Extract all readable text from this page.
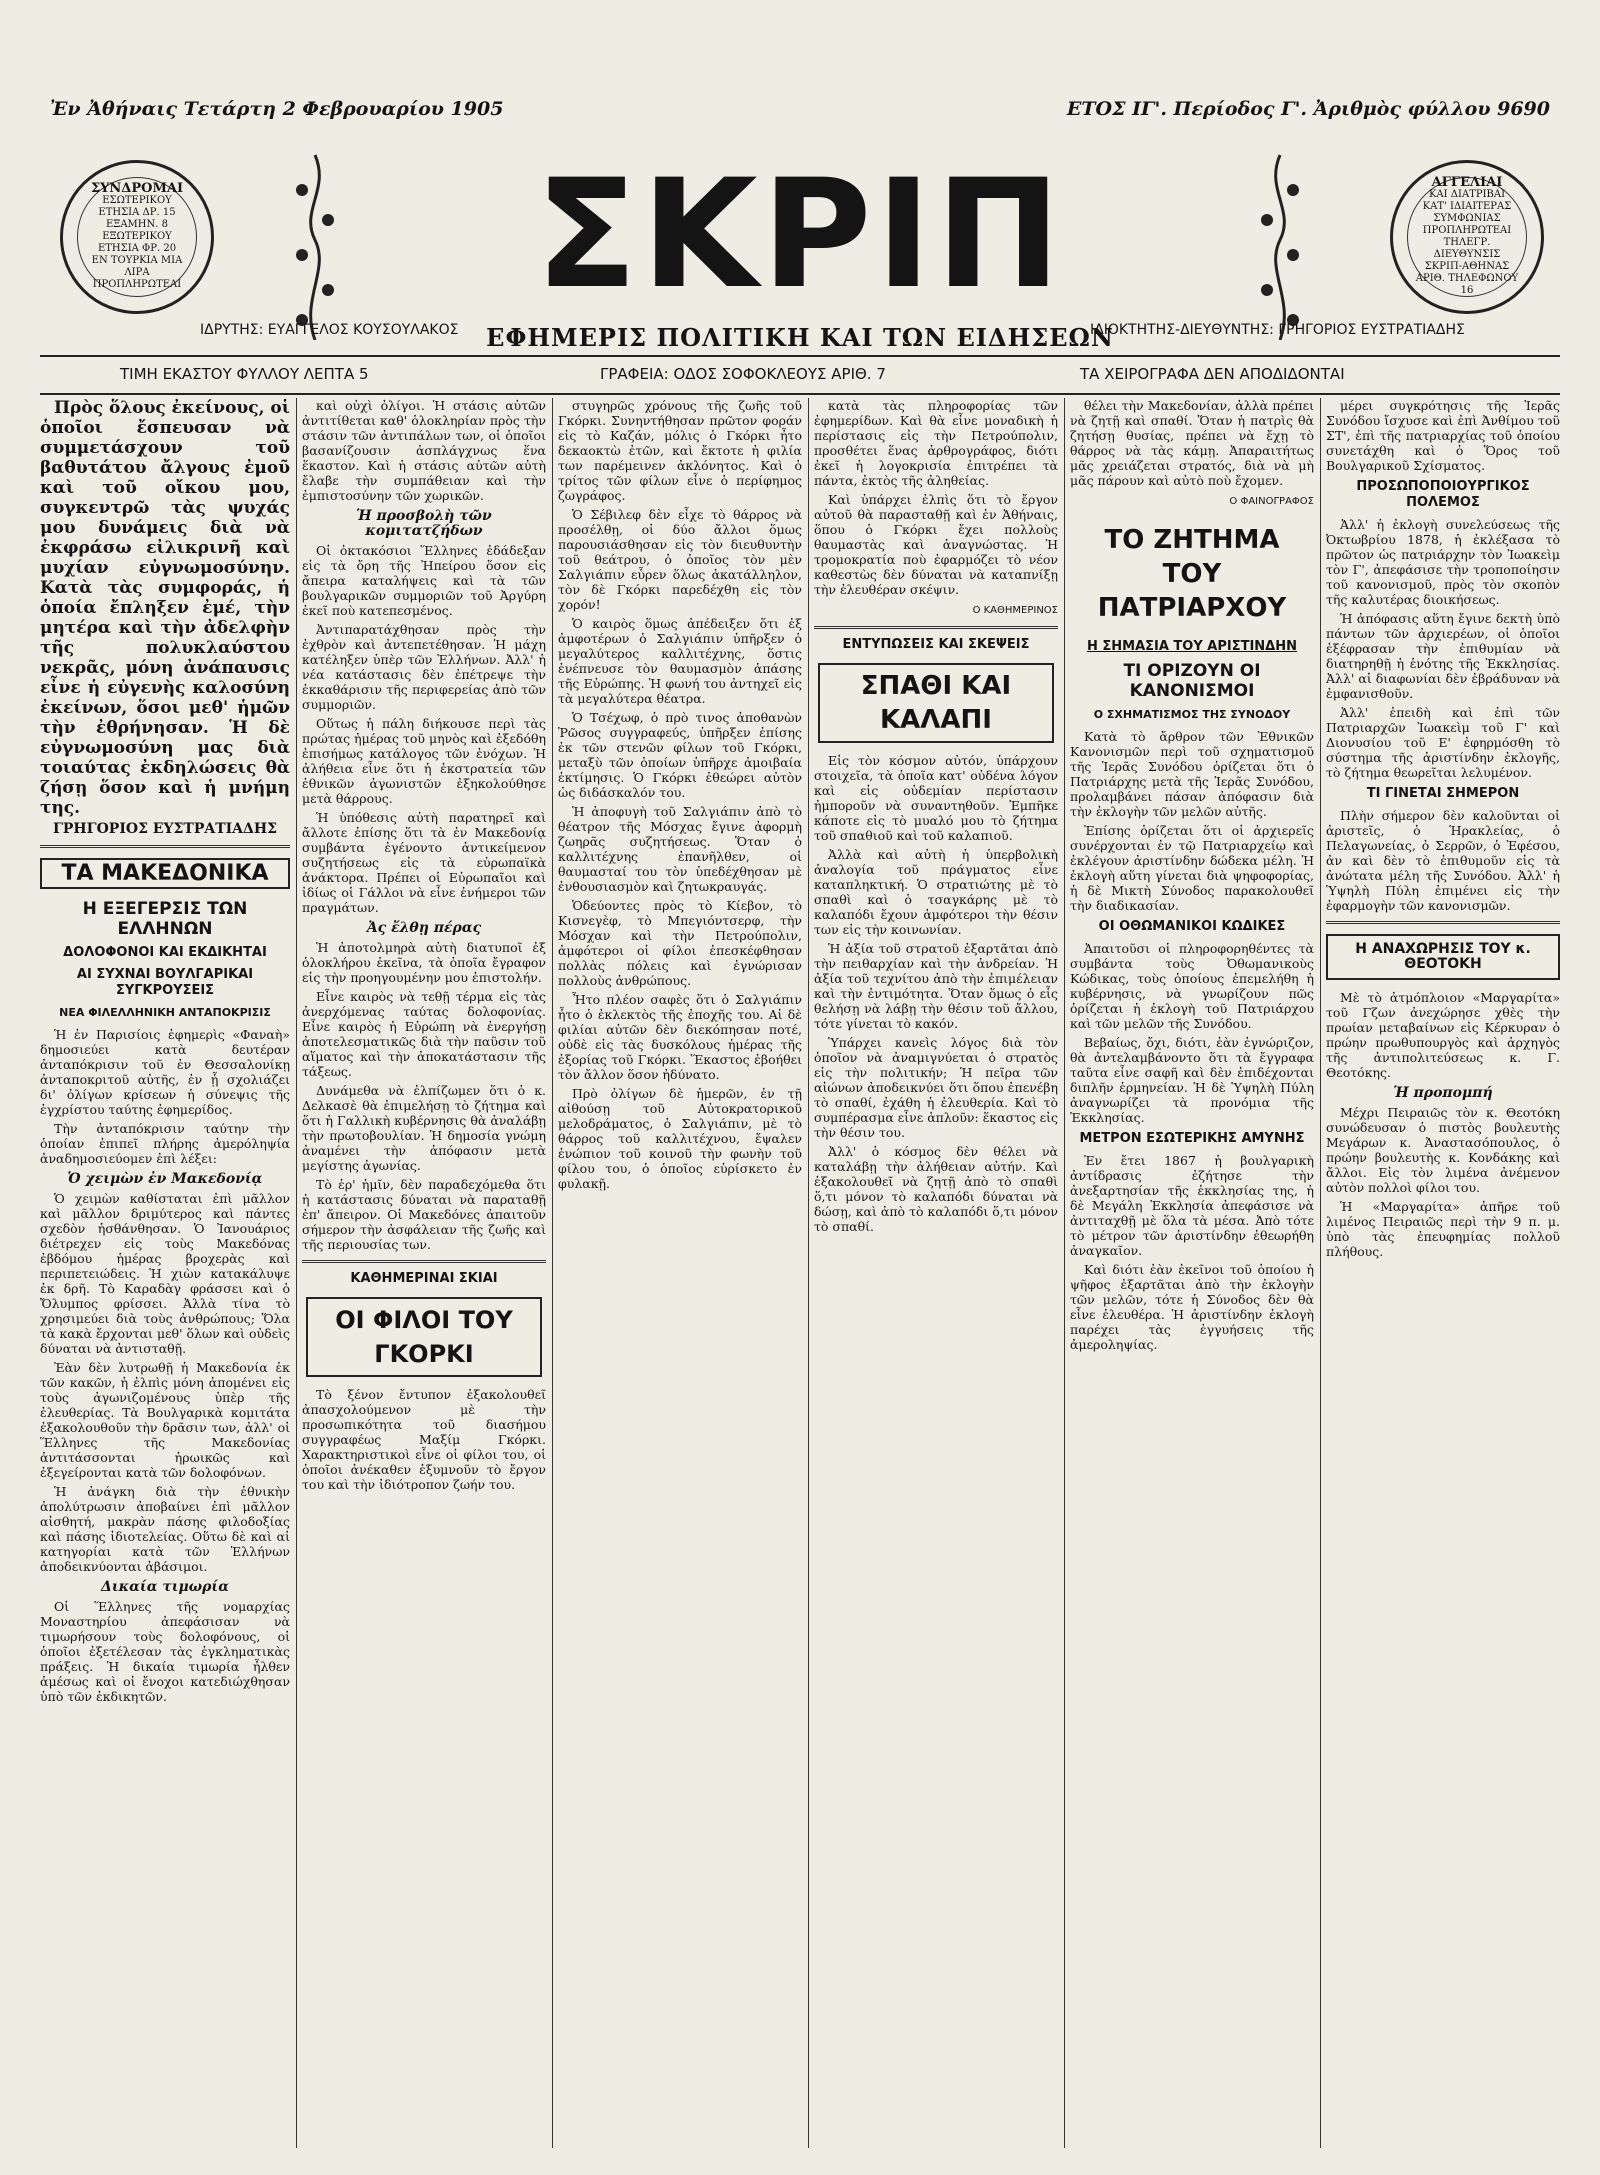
Ἐν Ἀθήναις Τετάρτη 2 Φεβρουαρίου 1905	ΕΤΟΣ ΙΓ'. Περίοδος Γ'. Ἀριθμὸς φύλλου 9690
ΣΥΝΔΡΟΜΑΙ
ΕΣΩΤΕΡΙΚΟΥ
ΕΤΗΣΙΑ ΔΡ. 15
ΕΞΑΜΗΝ. 8
ΕΞΩΤΕΡΙΚΟΥ
ΕΤΗΣΙΑ ΦΡ. 20
ΕΝ ΤΟΥΡΚΙΑ ΜΙΑ ΛΙΡΑ
ΠΡΟΠΛΗΡΩΤΕΑΙ
ΑΓΓΕΛΙΑΙ
ΚΑΙ ΔΙΑΤΡΙΒΑΙ
ΚΑΤ' ΙΔΙΑΙΤΕΡΑΣ
ΣΥΜΦΩΝΙΑΣ
ΠΡΟΠΛΗΡΩΤΕΑΙ
ΤΗΛΕΓΡ. ΔΙΕΥΘΥΝΣΙΣ
ΣΚΡΙΠ-ΑΘΗΝΑΣ
ΑΡΙΘ. ΤΗΛΕΦΩΝΟΥ 16
ΣΚΡΙΠ
ΕΦΗΜΕΡΙΣ ΠΟΛΙΤΙΚΗ ΚΑΙ ΤΩΝ ΕΙΔΗΣΕΩΝ
ΙΔΡΥΤΗΣ: ΕΥΑΓΓΕΛΟΣ ΚΟΥΣΟΥΛΑΚΟΣ	ΙΔΙΟΚΤΗΤΗΣ-ΔΙΕΥΘΥΝΤΗΣ: ΓΡΗΓΟΡΙΟΣ ΕΥΣΤΡΑΤΙΑΔΗΣ
ΤΙΜΗ ΕΚΑΣΤΟΥ ΦΥΛΛΟΥ ΛΕΠΤΑ 5	ΓΡΑΦΕΙΑ: ΟΔΟΣ ΣΟΦΟΚΛΕΟΥΣ ΑΡΙΘ. 7	ΤΑ ΧΕΙΡΟΓΡΑΦΑ ΔΕΝ ΑΠΟΔΙΔΟΝΤΑΙ

Πρὸς ὅλους ἐκείνους, οἱ ὁποῖοι ἔσπευσαν νὰ συμμετάσχουν τοῦ βαθυτάτου ἄλγους ἐμοῦ καὶ τοῦ οἴκου μου, συγκεντρῶ τὰς ψυχάς μου δυνάμεις διὰ νὰ ἐκφράσω εἰλικρινῆ καὶ μυχίαν εὐγνωμοσύνην. Κατὰ τὰς συμφοράς, ἡ ὁποία ἔπληξεν ἐμέ, τὴν μητέρα καὶ τὴν ἀδελφὴν τῆς πολυκλαύστου νεκρᾶς, μόνη ἀνάπαυσις εἶνε ἡ εὐγενὴς καλοσύνη ἐκείνων, ὅσοι μεθ' ἡμῶν τὴν ἐθρήνησαν. Ἡ δὲ εὐγνωμοσύνη μας διὰ τοιαύτας ἐκδηλώσεις θὰ ζήσῃ ὅσον καὶ ἡ μνήμη της.

ΓΡΗΓΟΡΙΟΣ ΕΥΣΤΡΑΤΙΑΔΗΣ
ΤΑ ΜΑΚΕΔΟΝΙΚΑ
Η ΕΞΕΓΕΡΣΙΣ ΤΩΝ ΕΛΛΗΝΩΝ
ΔΟΛΟΦΟΝΟΙ ΚΑΙ ΕΚΔΙΚΗΤΑΙ
ΑΙ ΣΥΧΝΑΙ ΒΟΥΛΓΑΡΙΚΑΙ ΣΥΓΚΡΟΥΣΕΙΣ
ΝΕΑ ΦΙΛΕΛΛΗΝΙΚΗ ΑΝΤΑΠΟΚΡΙΣΙΣ

Ἡ ἐν Παρισίοις ἐφημερὶς «Φαναὴ» δημοσιεύει κατὰ δευτέραν ἀνταπόκρισιν τοῦ ἐν Θεσσαλονίκῃ ἀνταποκριτοῦ αὐτῆς, ἐν ᾗ σχολιάζει δι' ὀλίγων κρίσεων ἡ σύνεψις τῆς ἐγχρίστου ταύτης ἐφημερίδος.

Τὴν ἀνταπόκρισιν ταύτην τὴν ὁποίαν ἐπιπεῖ πλήρης ἀμερόληψία ἀναδημοσιεύομεν ἐπὶ λέξει:

Ὁ χειμὼν ἐν Μακεδονίᾳ

Ὁ χειμὼν καθίσταται ἐπὶ μᾶλλον καὶ μᾶλλον δριμύτερος καὶ πάντες σχεδὸν ἠσθάνθησαν. Ὁ Ἰανουάριος διέτρεχεν εἰς τοὺς Μακεδόνας ἐβδόμου ἡμέρας βροχερὰς καὶ περιπετειώδεις. Ἡ χιὼν κατακάλυψε ἐκ δρῆ. Τὸ Καραδὰγ φράσσει καὶ ὁ Ὄλυμπος φρίσσει. Ἀλλὰ τίνα τὸ χρησιμεύει διὰ τοὺς ἀνθρώπους; Ὅλα τὰ κακὰ ἔρχονται μεθ' ὅλων καὶ οὐδεὶς δύναται νὰ ἀντισταθῇ.

Ἐὰν δὲν λυτρωθῇ ἡ Μακεδονία ἐκ τῶν κακῶν, ἡ ἐλπὶς μόνη ἀπομένει εἰς τοὺς ἀγωνιζομένους ὑπὲρ τῆς ἐλευθερίας. Τὰ Βουλγαρικὰ κομιτάτα ἐξακολουθοῦν τὴν δρᾶσιν των, ἀλλ' οἱ Ἕλληνες τῆς Μακεδονίας ἀντιτάσσονται ἡρωικῶς καὶ ἐξεγείρονται κατὰ τῶν δολοφόνων.

Ἡ ἀνάγκη διὰ τὴν ἐθνικὴν ἀπολύτρωσιν ἀποβαίνει ἐπὶ μᾶλλον αἰσθητή, μακρὰν πάσης φιλοδοξίας καὶ πάσης ἰδιοτελείας. Οὕτω δὲ καὶ αἱ κατηγορίαι κατὰ τῶν Ἑλλήνων ἀποδεικνύονται ἀβάσιμοι.

Δικαία τιμωρία

Οἱ Ἕλληνες τῆς νομαρχίας Μοναστηρίου ἀπεφάσισαν νὰ τιμωρήσουν τοὺς δολοφόνους, οἱ ὁποῖοι ἐξετέλεσαν τὰς ἐγκληματικὰς πράξεις. Ἡ δικαία τιμωρία ἦλθεν ἀμέσως καὶ οἱ ἔνοχοι κατεδιώχθησαν ὑπὸ τῶν ἐκδικητῶν.

καὶ οὐχὶ ὀλίγοι. Ἡ στάσις αὐτῶν ἀντιτίθεται καθ' ὁλοκληρίαν πρὸς τὴν στάσιν τῶν ἀντιπάλων των, οἱ ὁποῖοι βασανίζουσιν ἀσπλάγχνως ἕνα ἕκαστον. Καὶ ἡ στάσις αὐτῶν αὐτὴ ἔλαβε τὴν συμπάθειαν καὶ τὴν ἐμπιστοσύνην τῶν χωρικῶν.

Ἡ προσβολὴ τῶν κομιτατζήδων

Οἱ ὀκτακόσιοι Ἕλληνες ἐδάδεξαν εἰς τὰ ὄρη τῆς Ἠπείρου ὅσον εἰς ἄπειρα καταλήψεις καὶ τὰ τῶν βουλγαρικῶν συμμοριῶν τοῦ Ἀργύρη ἐκεῖ ποὺ κατεπεσμένος.

Ἀντιπαρατάχθησαν πρὸς τὴν ἐχθρὸν καὶ ἀντεπετέθησαν. Ἡ μάχη κατέληξεν ὑπὲρ τῶν Ἑλλήνων. Ἀλλ' ἡ νέα κατάστασις δὲν ἐπέτρεψε τὴν ἐκκαθάρισιν τῆς περιφερείας ἀπὸ τῶν συμμοριῶν.

Οὕτως ἡ πάλη διήκουσε περὶ τὰς πρώτας ἡμέρας τοῦ μηνὸς καὶ ἐξεδόθη ἐπισήμως κατάλογος τῶν ἐνόχων. Ἡ ἀλήθεια εἶνε ὅτι ἡ ἐκστρατεία τῶν ἐθνικῶν ἀγωνιστῶν ἐξηκολούθησε μετὰ θάρρους.

Ἡ ὑπόθεσις αὐτὴ παρατηρεῖ καὶ ἄλλοτε ἐπίσης ὅτι τὰ ἐν Μακεδονίᾳ συμβάντα ἐγένοντο ἀντικείμενον συζητήσεως εἰς τὰ εὐρωπαϊκὰ ἀνάκτορα. Πρέπει οἱ Εὐρωπαῖοι καὶ ἰδίως οἱ Γάλλοι νὰ εἶνε ἐνήμεροι τῶν πραγμάτων.

Ἀς ἔλθῃ πέρας

Ἡ ἀποτολμηρὰ αὐτὴ διατυποῖ ἐξ ὁλοκλήρου ἐκεῖνα, τὰ ὁποῖα ἔγραφον εἰς τὴν προηγουμένην μου ἐπιστολήν.

Εἶνε καιρὸς νὰ τεθῇ τέρμα εἰς τὰς ἀνερχόμενας ταύτας δολοφονίας. Εἶνε καιρὸς ἡ Εὐρώπη νὰ ἐνεργήσῃ ἀποτελεσματικῶς διὰ τὴν παῦσιν τοῦ αἵματος καὶ τὴν ἀποκατάστασιν τῆς τάξεως.

Δυνάμεθα νὰ ἐλπίζωμεν ὅτι ὁ κ. Δελκασὲ θὰ ἐπιμελήσῃ τὸ ζήτημα καὶ ὅτι ἡ Γαλλικὴ κυβέρνησις θὰ ἀναλάβῃ τὴν πρωτοβουλίαν. Ἡ δημοσία γνώμη ἀναμένει τὴν ἀπόφασιν μετὰ μεγίστης ἀγωνίας.

Τὸ ἐρ' ἡμῖν, δὲν παραδεχόμεθα ὅτι ἡ κατάστασις δύναται νὰ παραταθῇ ἐπ' ἄπειρον. Οἱ Μακεδόνες ἀπαιτοῦν σήμερον τὴν ἀσφάλειαν τῆς ζωῆς καὶ τῆς περιουσίας των.

ΚΑΘΗΜΕΡΙΝΑΙ ΣΚΙΑΙ
ΟΙ ΦΙΛΟΙ ΤΟΥ ΓΚΟΡΚΙ

Τὸ ξένον ἔντυπον ἐξακολουθεῖ ἀπασχολούμενον μὲ τὴν προσωπικότητα τοῦ διασήμου συγγραφέως Μαξίμ Γκόρκι. Χαρακτηριστικοὶ εἶνε οἱ φίλοι του, οἱ ὁποῖοι ἀνέκαθεν ἐξυμνοῦν τὸ ἔργον του καὶ τὴν ἰδιότροπον ζωήν του.

στυγηρῶς χρόνους τῆς ζωῆς τοῦ Γκόρκι. Συνηντήθησαν πρῶτον φοράν εἰς τὸ Καζάν, μόλις ὁ Γκόρκι ἦτο δεκαοκτὼ ἐτῶν, καὶ ἔκτοτε ἡ φιλία των παρέμεινεν ἀκλόνητος. Καὶ ὁ τρίτος τῶν φίλων εἶνε ὁ περίφημος ζωγράφος.

Ὁ Σέβιλεφ δὲν εἶχε τὸ θάρρος νὰ προσέλθῃ, οἱ δύο ἄλλοι ὅμως παρουσιάσθησαν εἰς τὸν διευθυντὴν τοῦ θεάτρου, ὁ ὁποῖος τὸν μὲν Σαλγιάπιν εὗρεν ὅλως ἀκατάλληλον, τὸν δὲ Γκόρκι παρεδέχθη εἰς τὸν χορόν!

Ὁ καιρὸς ὅμως ἀπέδειξεν ὅτι ἐξ ἀμφοτέρων ὁ Σαλγιάπιν ὑπῆρξεν ὁ μεγαλύτερος καλλιτέχνης, ὅστις ἐνέπνευσε τὸν θαυμασμὸν ἁπάσης τῆς Εὐρώπης. Ἡ φωνή του ἀντηχεῖ εἰς τὰ μεγαλύτερα θέατρα.

Ὁ Τσέχωφ, ὁ πρὸ τινος ἀποθανὼν Ῥῶσος συγγραφεύς, ὑπῆρξεν ἐπίσης ἐκ τῶν στενῶν φίλων τοῦ Γκόρκι, μεταξὺ τῶν ὁποίων ὑπῆρχε ἀμοιβαία ἐκτίμησις. Ὁ Γκόρκι ἐθεώρει αὐτὸν ὡς διδάσκαλόν του.

Ἡ ἀποφυγὴ τοῦ Σαλγιάπιν ἀπὸ τὸ θέατρον τῆς Μόσχας ἔγινε ἀφορμὴ ζωηρᾶς συζητήσεως. Ὅταν ὁ καλλιτέχνης ἐπανῆλθεν, οἱ θαυμασταί του τὸν ὑπεδέχθησαν μὲ ἐνθουσιασμὸν καὶ ζητωκραυγάς.

Ὁδεύοντες πρὸς τὸ Κίεβον, τὸ Κισνεγὲφ, τὸ Μπεγιόντσερφ, τὴν Μόσχαν καὶ τὴν Πετρούπολιν, ἀμφότεροι οἱ φίλοι ἐπεσκέφθησαν πολλὰς πόλεις καὶ ἐγνώρισαν πολλοὺς ἀνθρώπους.

Ἦτο πλέον σαφὲς ὅτι ὁ Σαλγιάπιν ἦτο ὁ ἐκλεκτὸς τῆς ἐποχῆς του. Αἱ δὲ φιλίαι αὐτῶν δὲν διεκόπησαν ποτέ, οὐδὲ εἰς τὰς δυσκόλους ἡμέρας τῆς ἐξορίας τοῦ Γκόρκι. Ἕκαστος ἐβοήθει τὸν ἄλλον ὅσον ἠδύνατο.

Πρὸ ὀλίγων δὲ ἡμερῶν, ἐν τῇ αἰθούσῃ τοῦ Αὐτοκρατορικοῦ μελοδράματος, ὁ Σαλγιάπιν, μὲ τὸ θάρρος τοῦ καλλιτέχνου, ἔψαλεν ἐνώπιον τοῦ κοινοῦ τὴν φωνὴν τοῦ φίλου του, ὁ ὁποῖος εὑρίσκετο ἐν φυλακῇ.

κατὰ τὰς πληροφορίας τῶν ἐφημερίδων. Καὶ θὰ εἶνε μοναδικὴ ἡ περίστασις εἰς τὴν Πετρούπολιν, προσθέτει ἕνας ἀρθρογράφος, διότι ἐκεῖ ἡ λογοκρισία ἐπιτρέπει τὰ πάντα, ἐκτὸς τῆς ἀληθείας.

Καὶ ὑπάρχει ἐλπὶς ὅτι τὸ ἔργον αὐτοῦ θὰ παρασταθῇ καὶ ἐν Ἀθήναις, ὅπου ὁ Γκόρκι ἔχει πολλοὺς θαυμαστὰς καὶ ἀναγνώστας. Ἡ τρομοκρατία ποὺ ἐφαρμόζει τὸ νέον καθεστὼς δὲν δύναται νὰ καταπνίξῃ τὴν ἐλευθέραν σκέψιν.

Ο ΚΑΘΗΜΕΡΙΝΟΣ
ΕΝΤΥΠΩΣΕΙΣ ΚΑΙ ΣΚΕΨΕΙΣ
ΣΠΑΘΙ ΚΑΙ ΚΑΛΑΠΙ

Εἰς τὸν κόσμον αὐτόν, ὑπάρχουν στοιχεῖα, τὰ ὁποῖα κατ' οὐδένα λόγον καὶ εἰς οὐδεμίαν περίστασιν ἠμποροῦν νὰ συναντηθοῦν. Ἐμπῆκε κάποτε εἰς τὸ μυαλό μου τὸ ζήτημα τοῦ σπαθιοῦ καὶ τοῦ καλαπιοῦ.

Ἀλλὰ καὶ αὐτὴ ἡ ὑπερβολικὴ ἀναλογία τοῦ πράγματος εἶνε καταπληκτική. Ὁ στρατιώτης μὲ τὸ σπαθὶ καὶ ὁ τσαγκάρης μὲ τὸ καλαπόδι ἔχουν ἀμφότεροι τὴν θέσιν των εἰς τὴν κοινωνίαν.

Ἡ ἀξία τοῦ στρατοῦ ἐξαρτᾶται ἀπὸ τὴν πειθαρχίαν καὶ τὴν ἀνδρείαν. Ἡ ἀξία τοῦ τεχνίτου ἀπὸ τὴν ἐπιμέλειαν καὶ τὴν ἐντιμότητα. Ὅταν ὅμως ὁ εἷς θελήσῃ νὰ λάβῃ τὴν θέσιν τοῦ ἄλλου, τότε γίνεται τὸ κακόν.

Ὑπάρχει κανεὶς λόγος διὰ τὸν ὁποῖον νὰ ἀναμιγνύεται ὁ στρατὸς εἰς τὴν πολιτικήν; Ἡ πεῖρα τῶν αἰώνων ἀποδεικνύει ὅτι ὅπου ἐπενέβη τὸ σπαθί, ἐχάθη ἡ ἐλευθερία. Καὶ τὸ συμπέρασμα εἶνε ἁπλοῦν: ἕκαστος εἰς τὴν θέσιν του.

Ἀλλ' ὁ κόσμος δὲν θέλει νὰ καταλάβῃ τὴν ἀλήθειαν αὐτήν. Καὶ ἐξακολουθεῖ νὰ ζητῇ ἀπὸ τὸ σπαθὶ ὅ,τι μόνον τὸ καλαπόδι δύναται νὰ δώσῃ, καὶ ἀπὸ τὸ καλαπόδι ὅ,τι μόνον τὸ σπαθί.

θέλει τὴν Μακεδονίαν, ἀλλὰ πρέπει νὰ ζητῇ καὶ σπαθί. Ὅταν ἡ πατρὶς θὰ ζητήσῃ θυσίας, πρέπει νὰ ἔχῃ τὸ θάρρος νὰ τὰς κάμῃ. Ἀπαραιτήτως μᾶς χρειάζεται στρατός, διὰ νὰ μὴ μᾶς πάρουν καὶ αὐτὸ ποὺ ἔχομεν.

Ο ΦΑΙΝΟΓΡΑΦΟΣ
ΤΟ ΖΗΤΗΜΑ ΤΟΥ ΠΑΤΡΙΑΡΧΟΥ
Η ΣΗΜΑΣΙΑ ΤΟΥ ΑΡΙΣΤΙΝΔΗΝ
ΤΙ ΟΡΙΖΟΥΝ ΟΙ ΚΑΝΟΝΙΣΜΟΙ
Ο ΣΧΗΜΑΤΙΣΜΟΣ ΤΗΣ ΣΥΝΟΔΟΥ

Κατὰ τὸ ἄρθρον τῶν Ἐθνικῶν Κανονισμῶν περὶ τοῦ σχηματισμοῦ τῆς Ἱερᾶς Συνόδου ὁρίζεται ὅτι ὁ Πατριάρχης μετὰ τῆς Ἱερᾶς Συνόδου, προλαμβάνει πάσαν ἀπόφασιν διὰ τὴν ἐκλογὴν τῶν μελῶν αὐτῆς.

Ἐπίσης ὁρίζεται ὅτι οἱ ἀρχιερεῖς συνέρχονται ἐν τῷ Πατριαρχείῳ καὶ ἐκλέγουν ἀριστίνδην δώδεκα μέλη. Ἡ ἐκλογὴ αὕτη γίνεται διὰ ψηφοφορίας, ἡ δὲ Μικτὴ Σύνοδος παρακολουθεῖ τὴν διαδικασίαν.

ΟΙ ΟΘΩΜΑΝΙΚΟΙ ΚΩΔΙΚΕΣ

Ἀπαιτοῦσι οἱ πληροφορηθέντες τὰ συμβάντα τοὺς Ὀθωμανικοὺς Κώδικας, τοὺς ὁποίους ἐπεμελήθη ἡ κυβέρνησις, νὰ γνωρίζουν πῶς ὁρίζεται ἡ ἐκλογὴ τοῦ Πατριάρχου καὶ τῶν μελῶν τῆς Συνόδου.

Βεβαίως, ὄχι, διότι, ἐὰν ἐγνώριζον, θὰ ἀντελαμβάνοντο ὅτι τὰ ἔγγραφα ταῦτα εἶνε σαφῆ καὶ δὲν ἐπιδέχονται διπλῆν ἑρμηνείαν. Ἡ δὲ Ὑψηλὴ Πύλη ἀναγνωρίζει τὰ προνόμια τῆς Ἐκκλησίας.

ΜΕΤΡΟΝ ΕΣΩΤΕΡΙΚΗΣ ΑΜΥΝΗΣ

Ἐν ἔτει 1867 ἡ βουλγαρικὴ ἀντίδρασις ἐζήτησε τὴν ἀνεξαρτησίαν τῆς ἐκκλησίας της, ἡ δὲ Μεγάλη Ἐκκλησία ἀπεφάσισε νὰ ἀντιταχθῇ μὲ ὅλα τὰ μέσα. Ἀπὸ τότε τὸ μέτρον τῶν ἀριστίνδην ἐθεωρήθη ἀναγκαῖον.

Καὶ διότι ἐὰν ἐκεῖνοι τοῦ ὁποίου ἡ ψῆφος ἐξαρτᾶται ἀπὸ τὴν ἐκλογὴν τῶν μελῶν, τότε ἡ Σύνοδος δὲν θὰ εἶνε ἐλευθέρα. Ἡ ἀριστίνδην ἐκλογὴ παρέχει τὰς ἐγγυήσεις τῆς ἀμεροληψίας.

μέρει συγκρότησις τῆς Ἱερᾶς Συνόδου ἴσχυσε καὶ ἐπὶ Ἀνθίμου τοῦ ΣΤ', ἐπὶ τῆς πατριαρχίας τοῦ ὁποίου συνετάχθη καὶ ὁ Ὅρος τοῦ Βουλγαρικοῦ Σχίσματος.

ΠΡΟΣΩΠΟΠΟΙΟΥΡΓΙΚΟΣ ΠΟΛΕΜΟΣ

Ἀλλ' ἡ ἐκλογὴ συνελεύσεως τῆς Ὀκτωβρίου 1878, ἡ ἐκλέξασα τὸ πρῶτον ὡς πατριάρχην τὸν Ἰωακεὶμ τὸν Γ', ἀπεφάσισε τὴν τροποποίησιν τοῦ κανονισμοῦ, πρὸς τὸν σκοπὸν τῆς καλυτέρας διοικήσεως.

Ἡ ἀπόφασις αὕτη ἔγινε δεκτὴ ὑπὸ πάντων τῶν ἀρχιερέων, οἱ ὁποῖοι ἐξέφρασαν τὴν ἐπιθυμίαν νὰ διατηρηθῇ ἡ ἑνότης τῆς Ἐκκλησίας. Ἀλλ' αἱ διαφωνίαι δὲν ἐβράδυναν νὰ ἐμφανισθοῦν.

Ἀλλ' ἐπειδὴ καὶ ἐπὶ τῶν Πατριαρχῶν Ἰωακεὶμ τοῦ Γ' καὶ Διονυσίου τοῦ Ε' ἐφηρμόσθη τὸ σύστημα τῆς ἀριστίνδην ἐκλογῆς, τὸ ζήτημα θεωρεῖται λελυμένον.

ΤΙ ΓΙΝΕΤΑΙ ΣΗΜΕΡΟΝ

Πλὴν σήμερον δὲν καλοῦνται οἱ ἀριστεῖς, ὁ Ἡρακλείας, ὁ Πελαγωνείας, ὁ Σερρῶν, ὁ Ἐφέσου, ἀν καὶ δὲν τὸ ἐπιθυμοῦν εἰς τὰ ἀνώτατα μέλη τῆς Συνόδου. Ἀλλ' ἡ Ὑψηλὴ Πύλη ἐπιμένει εἰς τὴν ἐφαρμογὴν τῶν κανονισμῶν.

Η ΑΝΑΧΩΡΗΣΙΣ ΤΟΥ κ. ΘΕΟΤΟΚΗ

Μὲ τὸ ἀτμόπλοιον «Μαργαρίτα» τοῦ Γζων ἀνεχώρησε χθὲς τὴν πρωίαν μεταβαίνων εἰς Κέρκυραν ὁ πρώην πρωθυπουργὸς καὶ ἀρχηγὸς τῆς ἀντιπολιτεύσεως κ. Γ. Θεοτόκης.

Ἡ προπομπή

Μέχρι Πειραιῶς τὸν κ. Θεοτόκη συνώδευσαν ὁ πιστὸς βουλευτὴς Μεγάρων κ. Ἀναστασόπουλος, ὁ πρώην βουλευτὴς κ. Κονδάκης καὶ ἄλλοι. Εἰς τὸν λιμένα ἀνέμενον αὐτὸν πολλοὶ φίλοι του.

Ἡ «Μαργαρίτα» ἀπῆρε τοῦ λιμένος Πειραιῶς περὶ τὴν 9 π. μ. ὑπὸ τὰς ἐπευφημίας πολλοῦ πλήθους.
